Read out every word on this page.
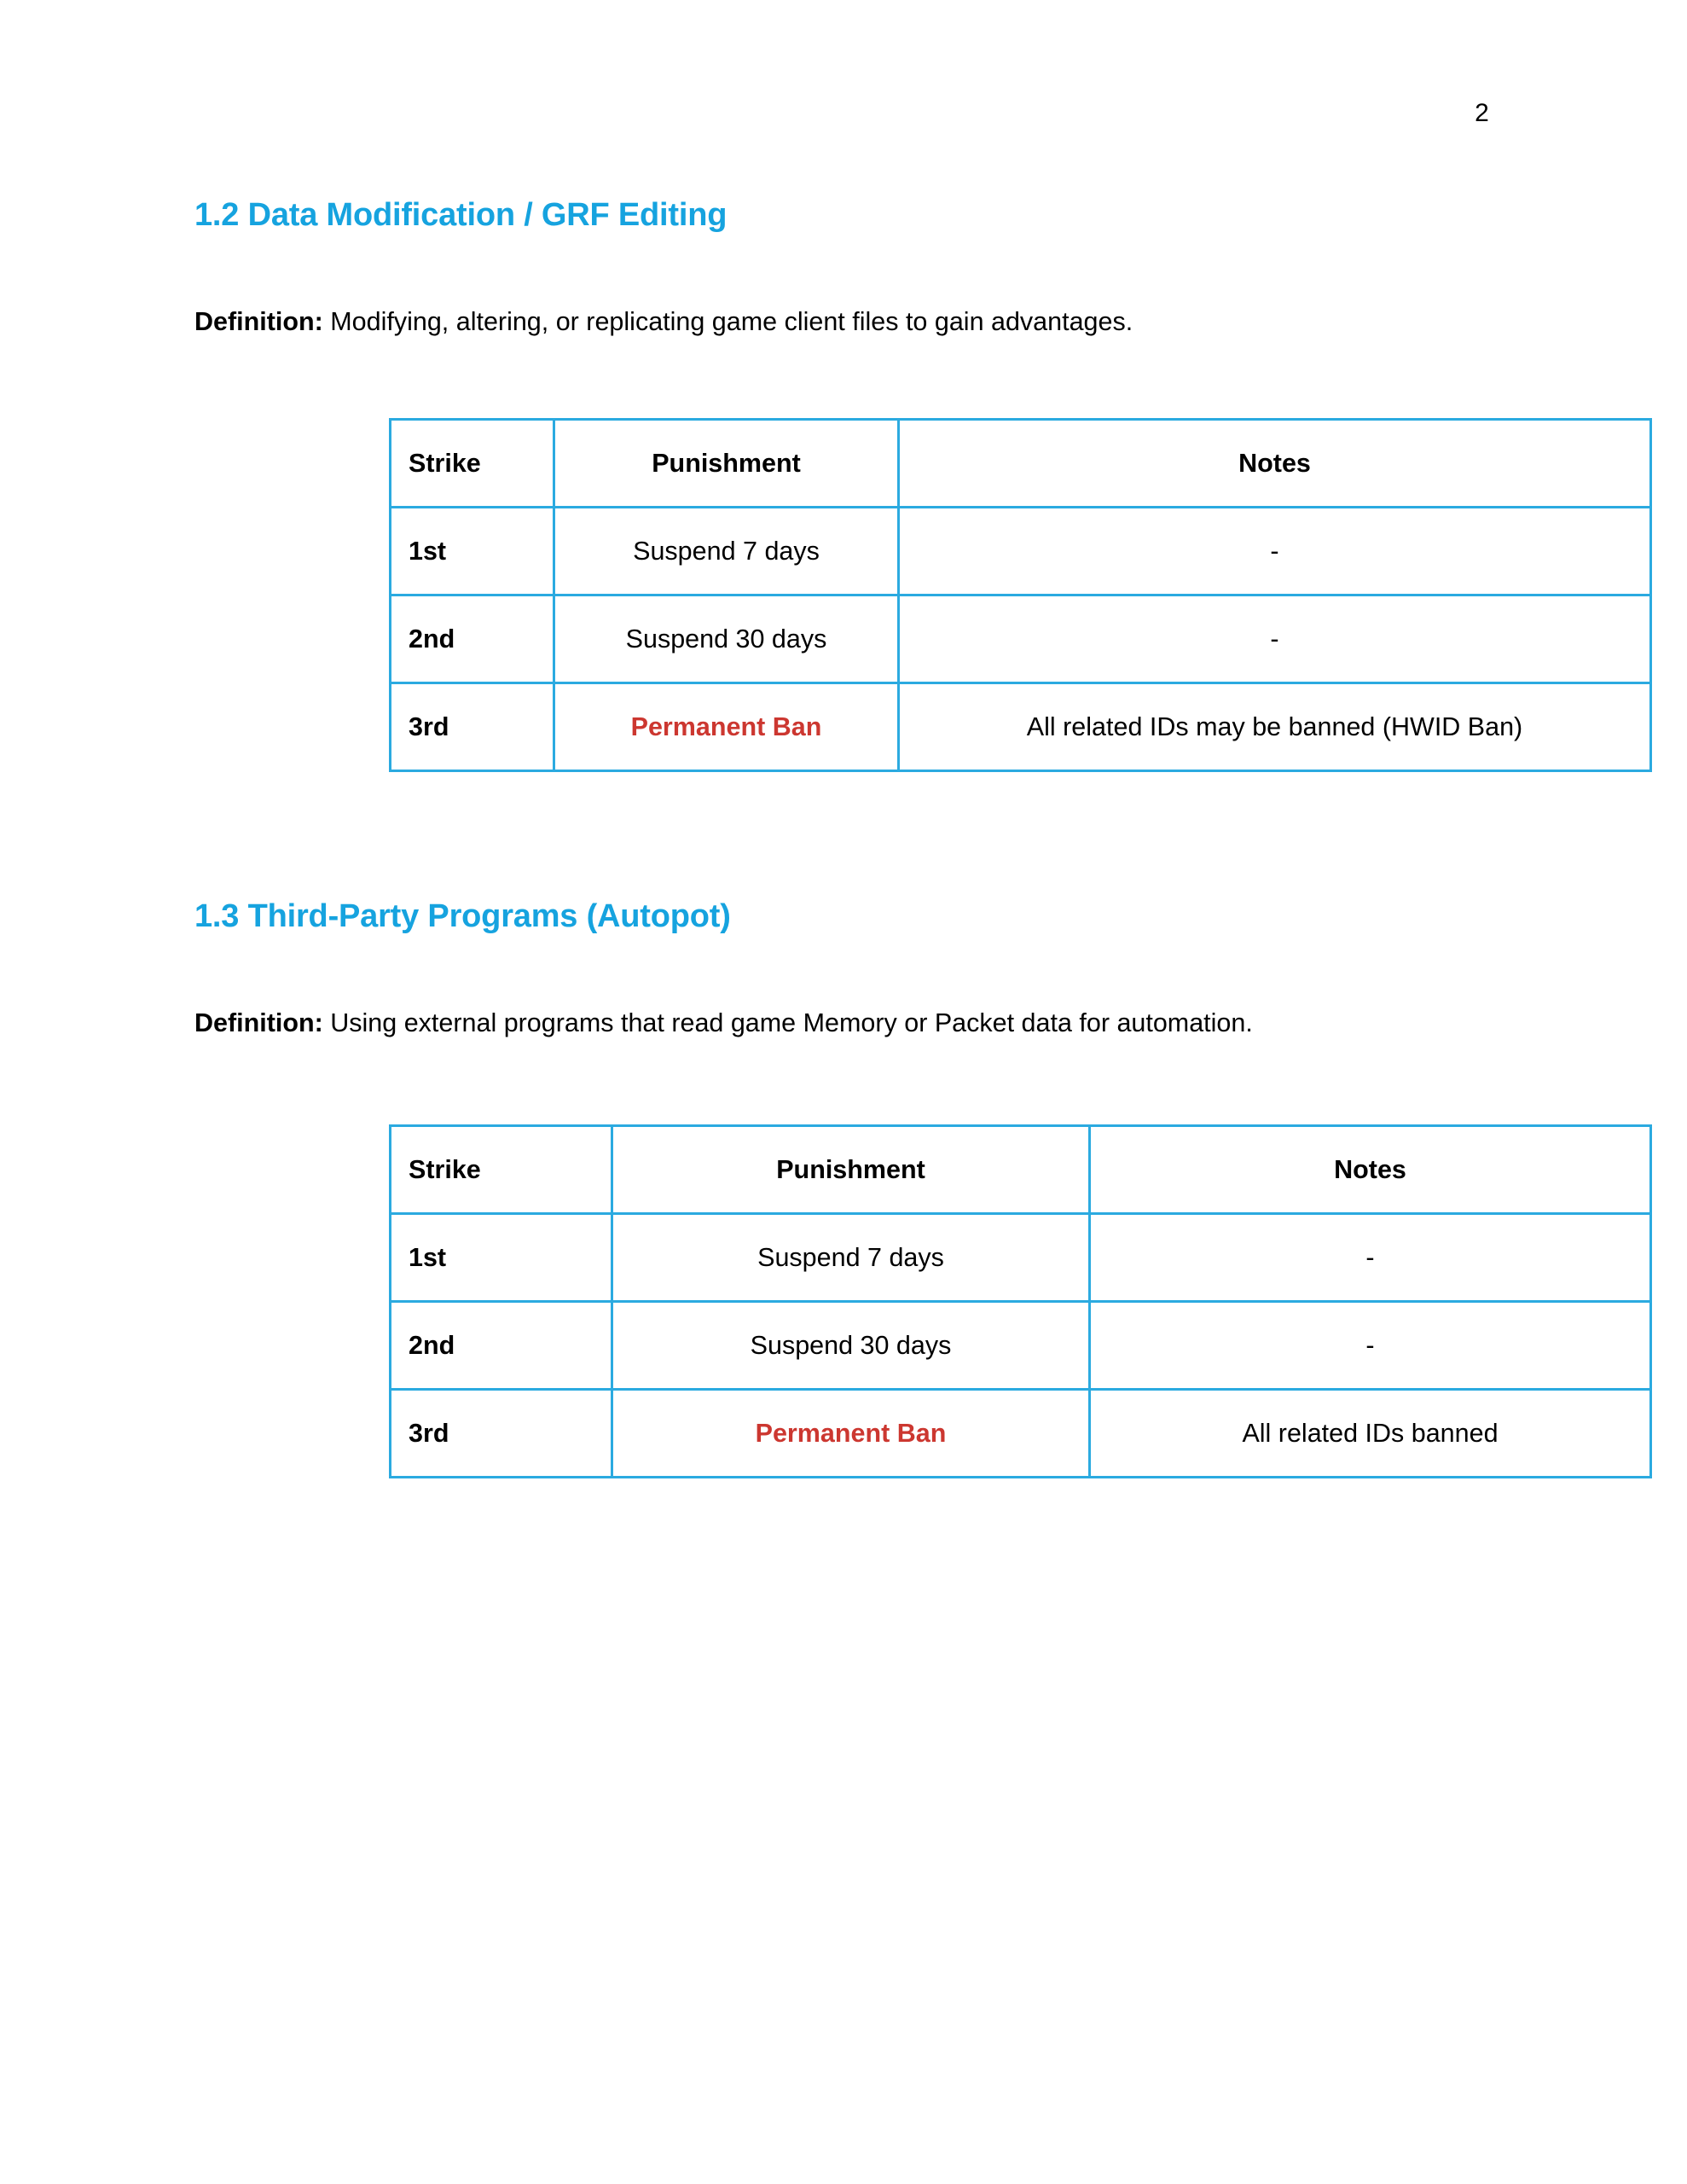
2
1.2 Data Modification / GRF Editing

Definition: Modifying, altering, or replicating game client files to gain advantages.

Strike	Punishment	Notes
1st	Suspend 7 days	-
2nd	Suspend 30 days	-
3rd	Permanent Ban	All related IDs may be banned (HWID Ban)
1.3 Third-Party Programs (Autopot)

Definition: Using external programs that read game Memory or Packet data for automation.

Strike	Punishment	Notes
1st	Suspend 7 days	-
2nd	Suspend 30 days	-
3rd	Permanent Ban	All related IDs banned
